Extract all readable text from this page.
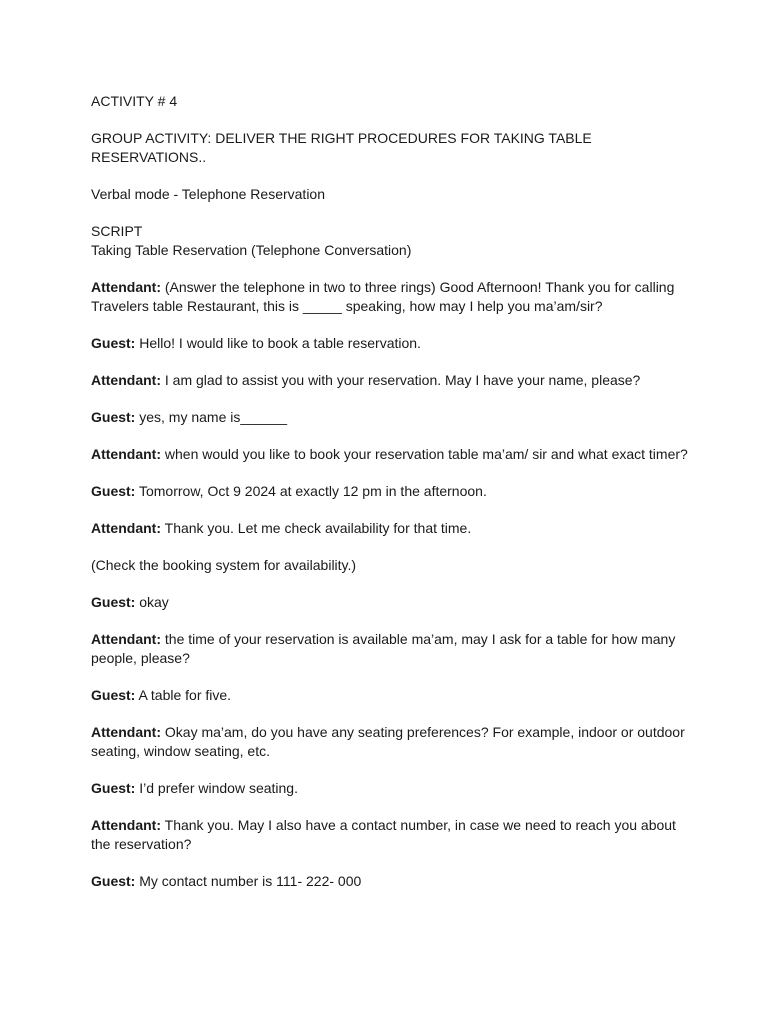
ACTIVITY # 4

GROUP ACTIVITY: DELIVER THE RIGHT PROCEDURES FOR TAKING TABLE RESERVATIONS..

Verbal mode - Telephone Reservation

SCRIPT

Taking Table Reservation (Telephone Conversation)

Attendant: (Answer the telephone in two to three rings) Good Afternoon! Thank you for calling Travelers table Restaurant, this is _____ speaking, how may I help you ma’am/sir?

Guest: Hello! I would like to book a table reservation.

Attendant: I am glad to assist you with your reservation. May I have your name, please?

Guest: yes, my name is______

Attendant: when would you like to book your reservation table ma’am/ sir and what exact timer?

Guest: Tomorrow, Oct 9 2024 at exactly 12 pm in the afternoon.

Attendant: Thank you. Let me check availability for that time.

(Check the booking system for availability.)

Guest: okay

Attendant: the time of your reservation is available ma’am, may I ask for a table for how many people, please?

Guest: A table for five.

Attendant: Okay ma’am, do you have any seating preferences? For example, indoor or outdoor seating, window seating, etc.

Guest: I’d prefer window seating.

Attendant: Thank you. May I also have a contact number, in case we need to reach you about the reservation?

Guest: My contact number is 111- 222- 000
